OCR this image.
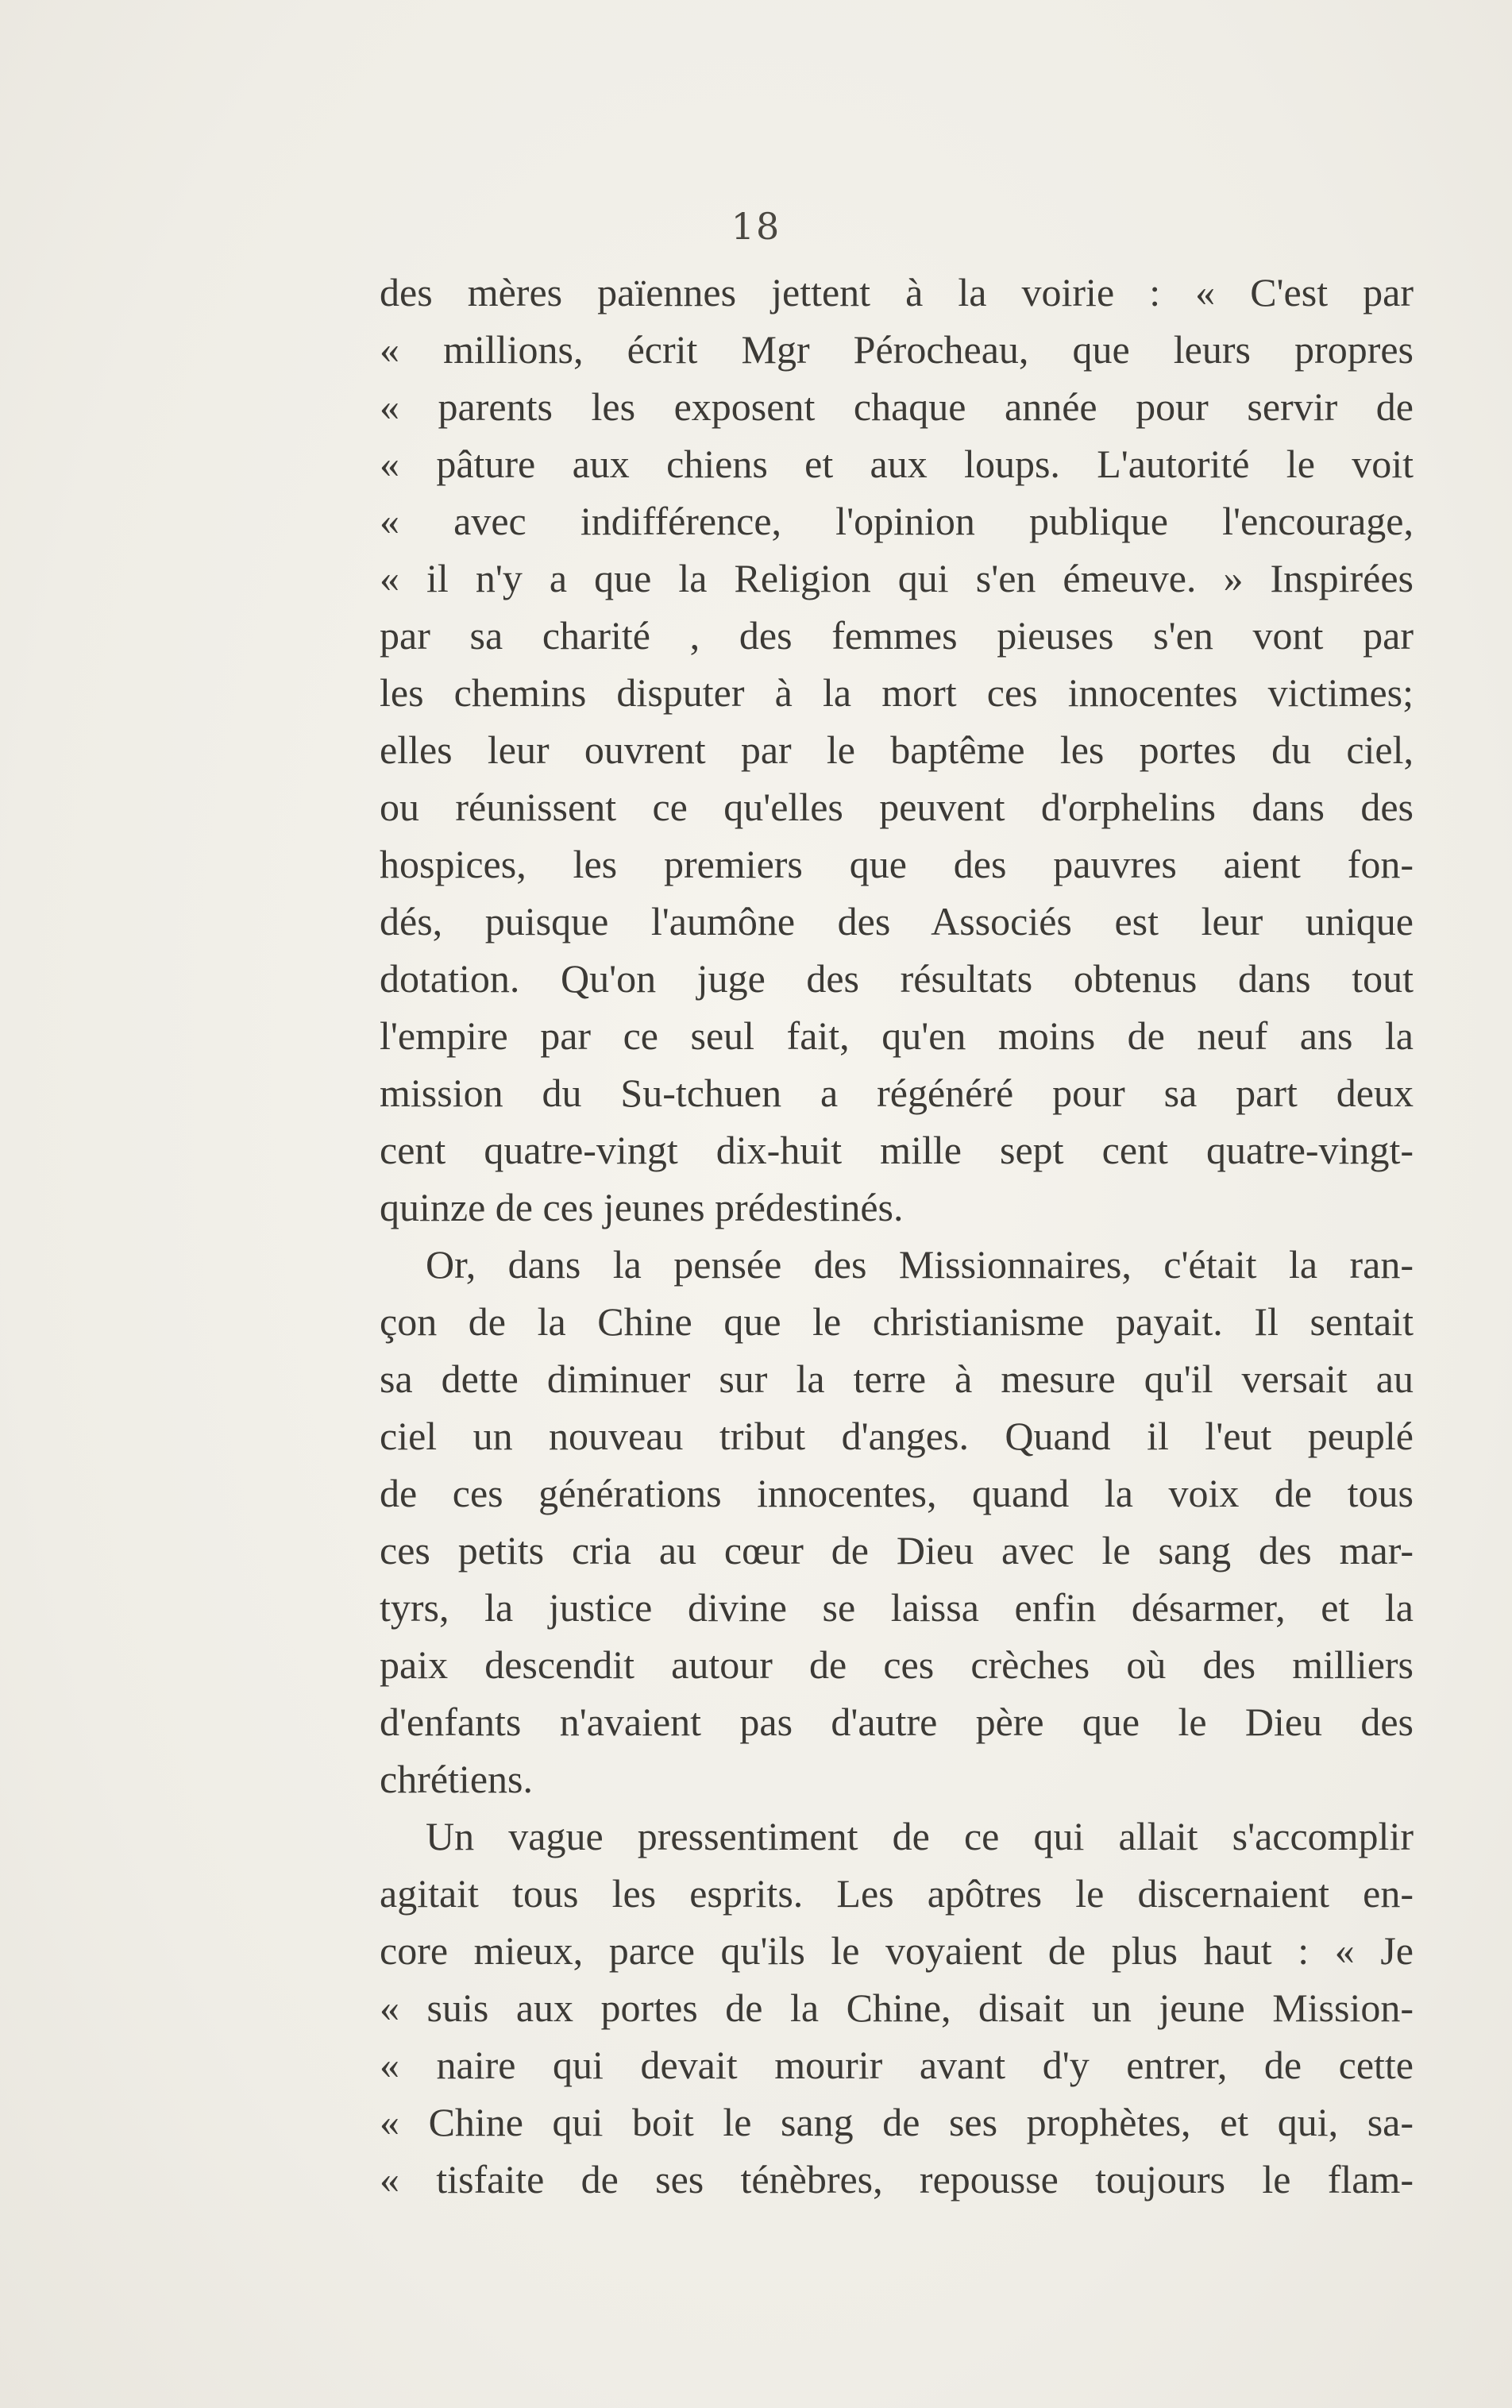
18
des mères païennes jettent à la voirie : « C'est par
« millions, écrit Mgr Pérocheau, que leurs propres
« parents les exposent chaque année pour servir de
« pâture aux chiens et aux loups. L'autorité le voit
« avec indifférence, l'opinion publique l'encourage,
« il n'y a que la Religion qui s'en émeuve. » Inspirées
par sa charité , des femmes pieuses s'en vont par
les chemins disputer à la mort ces innocentes victimes;
elles leur ouvrent par le baptême les portes du ciel,
ou réunissent ce qu'elles peuvent d'orphelins dans des
hospices, les premiers que des pauvres aient fon-
dés, puisque l'aumône des Associés est leur unique
dotation. Qu'on juge des résultats obtenus dans tout
l'empire par ce seul fait, qu'en moins de neuf ans la
mission du Su-tchuen a régénéré pour sa part deux
cent quatre-vingt dix-huit mille sept cent quatre-vingt-
quinze de ces jeunes prédestinés.
Or, dans la pensée des Missionnaires, c'était la ran-
çon de la Chine que le christianisme payait. Il sentait
sa dette diminuer sur la terre à mesure qu'il versait au
ciel un nouveau tribut d'anges. Quand il l'eut peuplé
de ces générations innocentes, quand la voix de tous
ces petits cria au cœur de Dieu avec le sang des mar-
tyrs, la justice divine se laissa enfin désarmer, et la
paix descendit autour de ces crèches où des milliers
d'enfants n'avaient pas d'autre père que le Dieu des
chrétiens.
Un vague pressentiment de ce qui allait s'accomplir
agitait tous les esprits. Les apôtres le discernaient en-
core mieux, parce qu'ils le voyaient de plus haut : « Je
« suis aux portes de la Chine, disait un jeune Mission-
« naire qui devait mourir avant d'y entrer, de cette
« Chine qui boit le sang de ses prophètes, et qui, sa-
« tisfaite de ses ténèbres, repousse toujours le flam-
